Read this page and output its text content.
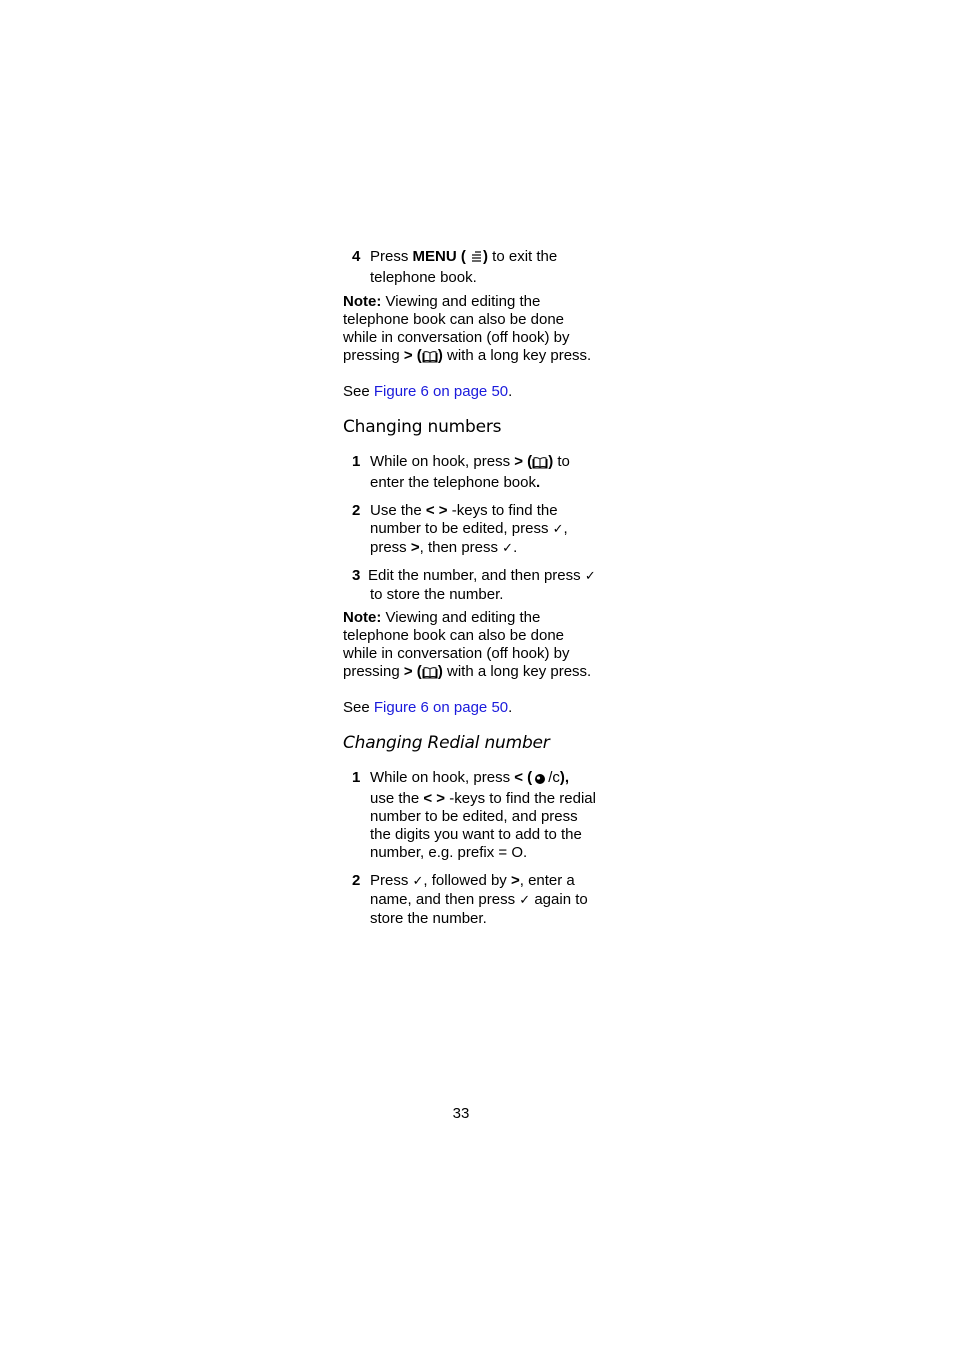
4 Press MENU ( ) to exit the
telephone book.
Note: Viewing and editing the
telephone book can also be done
while in conversation (off hook) by
pressing > ( ) with a long key press.
See Figure 6 on page 50.
Changing numbers
1 While on hook, press > ( ) to
enter the telephone book.
2 Use the < > -keys to find the
number to be edited, press ✓,
press >, then press ✓.
3 Edit the number, and then press ✓
to store the number.
Note: Viewing and editing the
telephone book can also be done
while in conversation (off hook) by
pressing > ( ) with a long key press.
See Figure 6 on page 50.
Changing Redial number
1 While on hook, press < ( /c),
use the < > -keys to find the redial
number to be edited, and press
the digits you want to add to the
number, e.g. prefix = O.
2 Press ✓, followed by >, enter a
name, and then press ✓ again to
store the number.
33
